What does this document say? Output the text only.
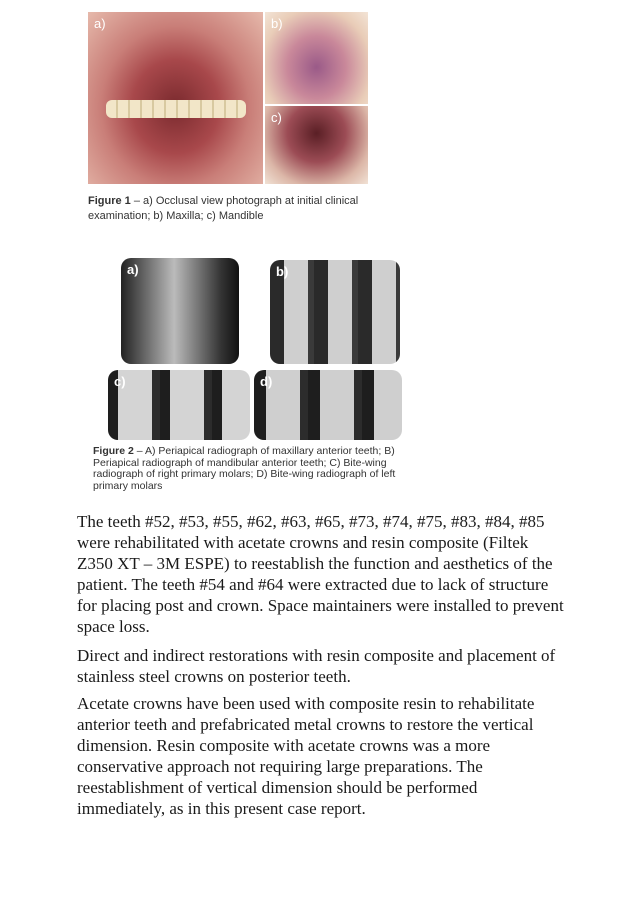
a)	b)
c)
Figure 1 – a) Occlusal view photograph at initial clinical examination; b) Maxilla; c) Mandible
a)	b)
c)	d)
Figure 2 – A) Periapical radiograph of maxillary anterior teeth; B) Periapical radiograph of mandibular anterior teeth; C) Bite-wing radiograph of right primary molars; D) Bite-wing radiograph of left primary molars

The teeth #52, #53, #55, #62, #63, #65, #73, #74, #75, #83, #84, #85 were rehabilitated with acetate crowns and resin composite (Filtek Z350 XT – 3M ESPE) to reestablish the function and aesthetics of the patient. The teeth #54 and #64 were extracted due to lack of structure for placing post and crown. Space maintainers were installed to prevent space loss.

Direct and indirect restorations with resin composite and placement of stainless steel crowns on posterior teeth.

Acetate crowns have been used with composite resin to rehabilitate anterior teeth and prefabricated metal crowns to restore the vertical dimension. Resin composite with acetate crowns was a more conservative approach not requiring large preparations. The reestablishment of vertical dimension should be performed immediately, as in this present case report.
